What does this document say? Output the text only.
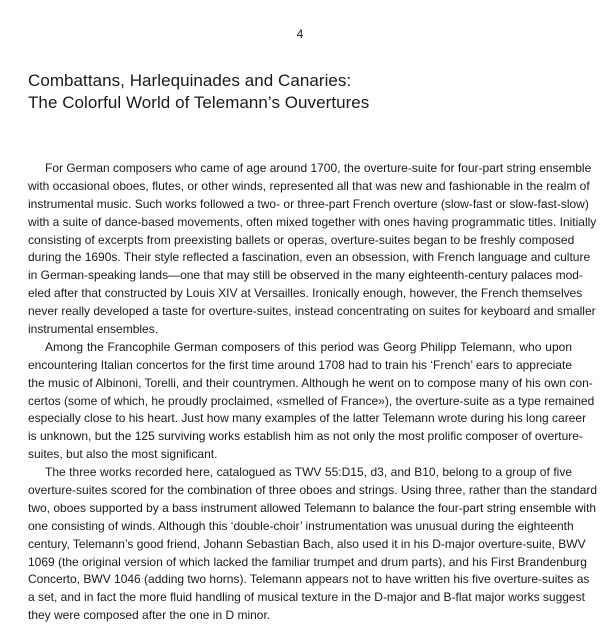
4
Combattans, Harlequinades and Canaries:
The Colorful World of Telemann’s Ouvertures
For German composers who came of age around 1700, the overture-suite for four-part string ensemble
with occasional oboes, flutes, or other winds, represented all that was new and fashionable in the realm of
instrumental music. Such works followed a two- or three-part French overture (slow-fast or slow-fast-slow)
with a suite of dance-based movements, often mixed together with ones having programmatic titles. Initially
consisting of excerpts from preexisting ballets or operas, overture-suites began to be freshly composed
during the 1690s. Their style reflected a fascination, even an obsession, with French language and culture
in German-speaking lands—one that may still be observed in the many eighteenth-century palaces mod-
eled after that constructed by Louis XIV at Versailles. Ironically enough, however, the French themselves
never really developed a taste for overture-suites, instead concentrating on suites for keyboard and smaller
instrumental ensembles.
Among the Francophile German composers of this period was Georg Philipp Telemann, who upon
encountering Italian concertos for the first time around 1708 had to train his ‘French’ ears to appreciate
the music of Albinoni, Torelli, and their countrymen. Although he went on to compose many of his own con-
certos (some of which, he proudly proclaimed, «smelled of France»), the overture-suite as a type remained
especially close to his heart. Just how many examples of the latter Telemann wrote during his long career
is unknown, but the 125 surviving works establish him as not only the most prolific composer of overture-
suites, but also the most significant.
The three works recorded here, catalogued as TWV 55:D15, d3, and B10, belong to a group of five
overture-suites scored for the combination of three oboes and strings. Using three, rather than the standard
two, oboes supported by a bass instrument allowed Telemann to balance the four-part string ensemble with
one consisting of winds. Although this ‘double-choir’ instrumentation was unusual during the eighteenth
century, Telemann’s good friend, Johann Sebastian Bach, also used it in his D-major overture-suite, BWV
1069 (the original version of which lacked the familiar trumpet and drum parts), and his First Brandenburg
Concerto, BWV 1046 (adding two horns). Telemann appears not to have written his five overture-suites as
a set, and in fact the more fluid handling of musical texture in the D-major and B-flat major works suggest
they were composed after the one in D minor.
